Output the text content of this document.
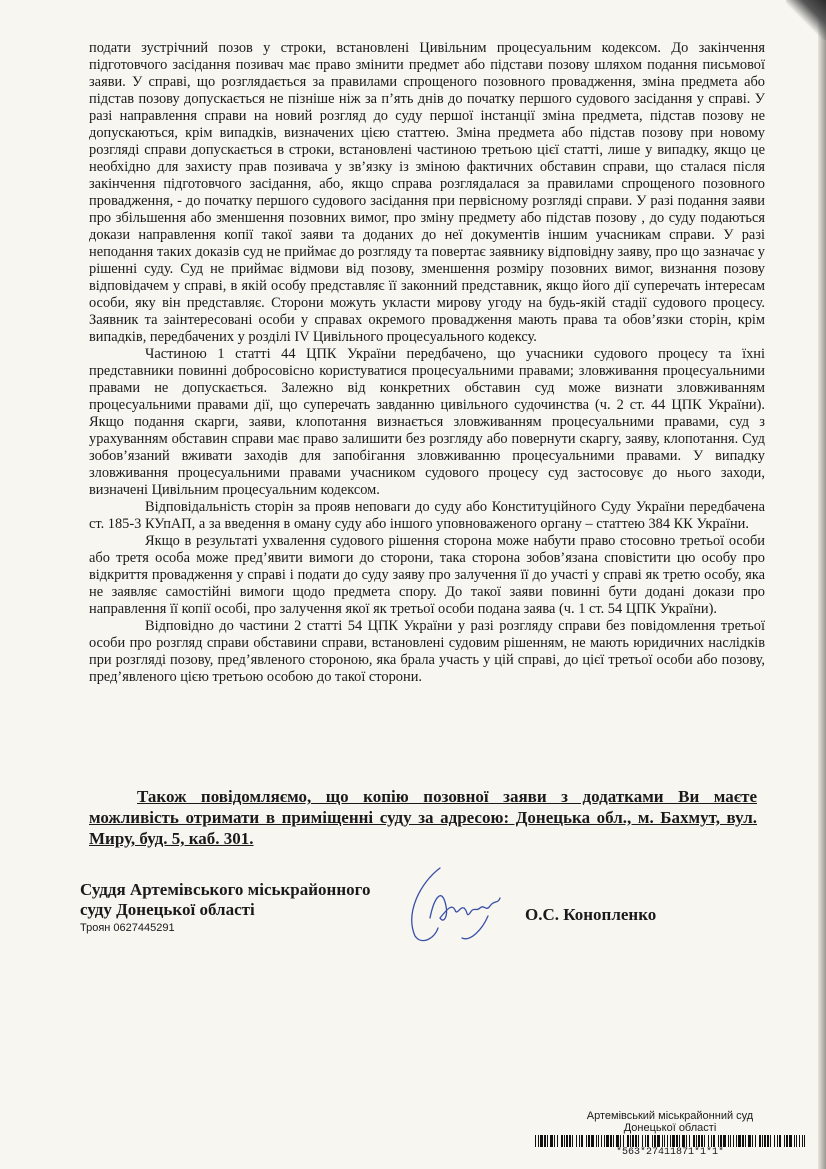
подати зустрічний позов у строки, встановлені Цивільним процесуальним кодексом. До закінчення підготовчого засідання позивач має право змінити предмет або підстави позову шляхом подання письмової заяви. У справі, що розглядається за правилами спрощеного позовного провадження, зміна предмета або підстав позову допускається не пізніше ніж за п’ять днів до початку першого судового засідання у справі. У разі направлення справи на новий розгляд до суду першої інстанції зміна предмета, підстав позову не допускаються, крім випадків, визначених цією статтею. Зміна предмета або підстав позову при новому розгляді справи допускається в строки, встановлені частиною третьою цієї статті, лише у випадку, якщо це необхідно для захисту прав позивача у зв’язку із зміною фактичних обставин справи, що сталася після закінчення підготовчого засідання, або, якщо справа розглядалася за правилами спрощеного позовного провадження, - до початку першого судового засідання при первісному розгляді справи. У разі подання заяви про збільшення або зменшення позовних вимог, про зміну предмету або підстав позову , до суду подаються докази направлення копії такої заяви та доданих до неї документів іншим учасникам справи. У разі неподання таких доказів суд не приймає до розгляду та повертає заявнику відповідну заяву, про що зазначає у рішенні суду. Суд не приймає відмови від позову, зменшення розміру позовних вимог, визнання позову відповідачем у справі, в якій особу представляє її законний представник, якщо його дії суперечать інтересам особи, яку він представляє. Сторони можуть укласти мирову угоду на будь-якій стадії судового процесу. Заявник та заінтересовані особи у справах окремого провадження мають права та обов’язки сторін, крім випадків, передбачених у розділі IV Цивільного процесуального кодексу.

Частиною 1 статті 44 ЦПК України передбачено, що учасники судового процесу та їхні представники повинні добросовісно користуватися процесуальними правами; зловживання процесуальними правами не допускається. Залежно від конкретних обставин суд може визнати зловживанням процесуальними правами дії, що суперечать завданню цивільного судочинства (ч. 2 ст. 44 ЦПК України). Якщо подання скарги, заяви, клопотання визнається зловживанням процесуальними правами, суд з урахуванням обставин справи має право залишити без розгляду або повернути скаргу, заяву, клопотання. Суд зобов’язаний вживати заходів для запобігання зловживанню процесуальними правами. У випадку зловживання процесуальними правами учасником судового процесу суд застосовує до нього заходи, визначені Цивільним процесуальним кодексом.

Відповідальність сторін за прояв неповаги до суду або Конституційного Суду України передбачена ст. 185-3 КУпАП, а за введення в оману суду або іншого уповноваженого органу – статтею 384 КК України.

Якщо в результаті ухвалення судового рішення сторона може набути право стосовно третьої особи або третя особа може пред’явити вимоги до сторони, така сторона зобов’язана сповістити цю особу про відкриття провадження у справі і подати до суду заяву про залучення її до участі у справі як третю особу, яка не заявляє самостійні вимоги щодо предмета спору. До такої заяви повинні бути додані докази про направлення її копії особі, про залучення якої як третьої особи подана заява (ч. 1 ст. 54 ЦПК України).

Відповідно до частини 2 статті 54 ЦПК України у разі розгляду справи без повідомлення третьої особи про розгляд справи обставини справи, встановлені судовим рішенням, не мають юридичних наслідків при розгляді позову, пред’явленого стороною, яка брала участь у цій справі, до цієї третьої особи або позову, пред’явленого цією третьою особою до такої сторони.

Також повідомляємо, що копію позовної заяви з додатками Ви маєте можливість отримати в приміщенні суду за адресою: Донецька обл., м. Бахмут, вул. Миру, буд. 5, каб. 301.
Суддя Артемівського міськрайонного
суду Донецької області
Троян 0627445291
О.С. Конопленко
Артемівський міськрайонний суд
Донецької області
*563*27411871*1*1*
